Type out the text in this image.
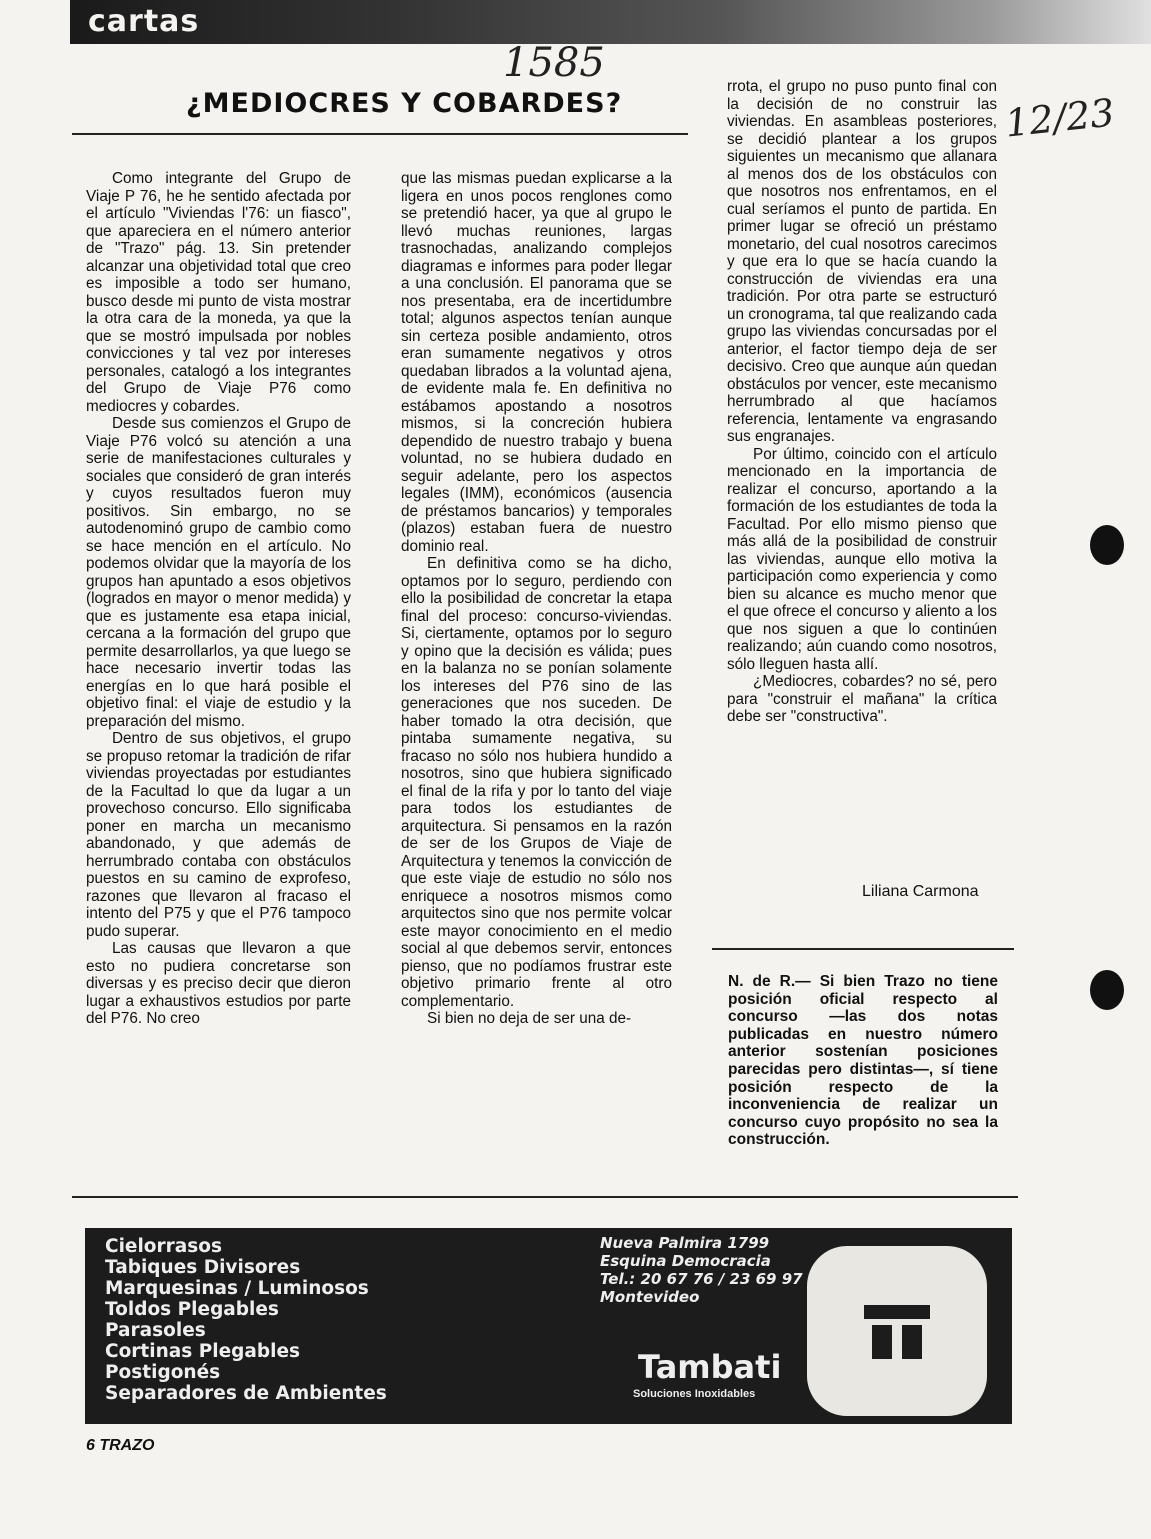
cartas
1585
12/23
¿MEDIOCRES Y COBARDES?

Como integrante del Grupo de Viaje P 76, he he sentido afectada por el artículo "Viviendas l'76: un fiasco", que apareciera en el número anterior de "Trazo" pág. 13. Sin pretender alcanzar una objetividad total que creo es imposible a todo ser humano, busco desde mi punto de vista mostrar la otra cara de la moneda, ya que la que se mostró impulsada por nobles convicciones y tal vez por intereses personales, catalogó a los integrantes del Grupo de Viaje P76 como mediocres y cobardes.

Desde sus comienzos el Grupo de Viaje P76 volcó su atención a una serie de manifestaciones culturales y sociales que consideró de gran interés y cuyos resultados fueron muy positivos. Sin embargo, no se autodenominó grupo de cambio como se hace mención en el artículo. No podemos olvidar que la mayoría de los grupos han apuntado a esos objetivos (logrados en mayor o menor medida) y que es justamente esa etapa inicial, cercana a la formación del grupo que permite desarrollarlos, ya que luego se hace necesario invertir todas las energías en lo que hará posible el objetivo final: el viaje de estudio y la preparación del mismo.

Dentro de sus objetivos, el grupo se propuso retomar la tradición de rifar viviendas proyectadas por estudiantes de la Facultad lo que da lugar a un provechoso concurso. Ello significaba poner en marcha un mecanismo abandonado, y que además de herrumbrado contaba con obstáculos puestos en su camino de exprofeso, razones que llevaron al fracaso el intento del P75 y que el P76 tampoco pudo superar.

Las causas que llevaron a que esto no pudiera concretarse son diversas y es preciso decir que dieron lugar a exhaustivos estudios por parte del P76. No creo

que las mismas puedan explicarse a la ligera en unos pocos renglones como se pretendió hacer, ya que al grupo le llevó muchas reuniones, largas trasnochadas, analizando complejos diagramas e informes para poder llegar a una conclusión. El panorama que se nos presentaba, era de incertidumbre total; algunos aspectos tenían aunque sin certeza posible andamiento, otros eran sumamente negativos y otros quedaban librados a la voluntad ajena, de evidente mala fe. En definitiva no estábamos apostando a nosotros mismos, si la concreción hubiera dependido de nuestro trabajo y buena voluntad, no se hubiera dudado en seguir adelante, pero los aspectos legales (IMM), económicos (ausencia de préstamos bancarios) y temporales (plazos) estaban fuera de nuestro dominio real.

En definitiva como se ha dicho, optamos por lo seguro, perdiendo con ello la posibilidad de concretar la etapa final del proceso: concurso-viviendas. Si, ciertamente, optamos por lo seguro y opino que la decisión es válida; pues en la balanza no se ponían solamente los intereses del P76 sino de las generaciones que nos suceden. De haber tomado la otra decisión, que pintaba sumamente negativa, su fracaso no sólo nos hubiera hundido a nosotros, sino que hubiera significado el final de la rifa y por lo tanto del viaje para todos los estudiantes de arquitectura. Si pensamos en la razón de ser de los Grupos de Viaje de Arquitectura y tenemos la convicción de que este viaje de estudio no sólo nos enriquece a nosotros mismos como arquitectos sino que nos permite volcar este mayor conocimiento en el medio social al que debemos servir, entonces pienso, que no podíamos frustrar este objetivo primario frente al otro complementario.

Si bien no deja de ser una de-

rrota, el grupo no puso punto final con la decisión de no construir las viviendas. En asambleas posteriores, se decidió plantear a los grupos siguientes un mecanismo que allanara al menos dos de los obstáculos con que nosotros nos enfrentamos, en el cual seríamos el punto de partida. En primer lugar se ofreció un préstamo monetario, del cual nosotros carecimos y que era lo que se hacía cuando la construcción de viviendas era una tradición. Por otra parte se estructuró un cronograma, tal que realizando cada grupo las viviendas concursadas por el anterior, el factor tiempo deja de ser decisivo. Creo que aunque aún quedan obstáculos por vencer, este mecanismo herrumbrado al que hacíamos referencia, lentamente va engrasando sus engranajes.

Por último, coincido con el artículo mencionado en la importancia de realizar el concurso, aportando a la formación de los estudiantes de toda la Facultad. Por ello mismo pienso que más allá de la posibilidad de construir las viviendas, aunque ello motiva la participación como experiencia y como bien su alcance es mucho menor que el que ofrece el concurso y aliento a los que nos siguen a que lo continúen realizando; aún cuando como nosotros, sólo lleguen hasta allí.

¿Mediocres, cobardes? no sé, pero para "construir el mañana" la crítica debe ser "constructiva".

Liliana Carmona

N. de R.— Si bien Trazo no tiene posición oficial respecto al concurso —las dos notas publicadas en nuestro número anterior sostenían posiciones parecidas pero distintas—, sí tiene posición respecto de la inconveniencia de realizar un concurso cuyo propósito no sea la construcción.

Cielorrasos
Tabiques Divisores
Marquesinas / Luminosos
Toldos Plegables
Parasoles
Cortinas Plegables
Postigonés
Separadores de Ambientes
Nueva Palmira 1799
Esquina Democracia
Tel.: 20 67 76 / 23 69 97
Montevideo
Tambati
Soluciones Inoxidables
6 TRAZO
